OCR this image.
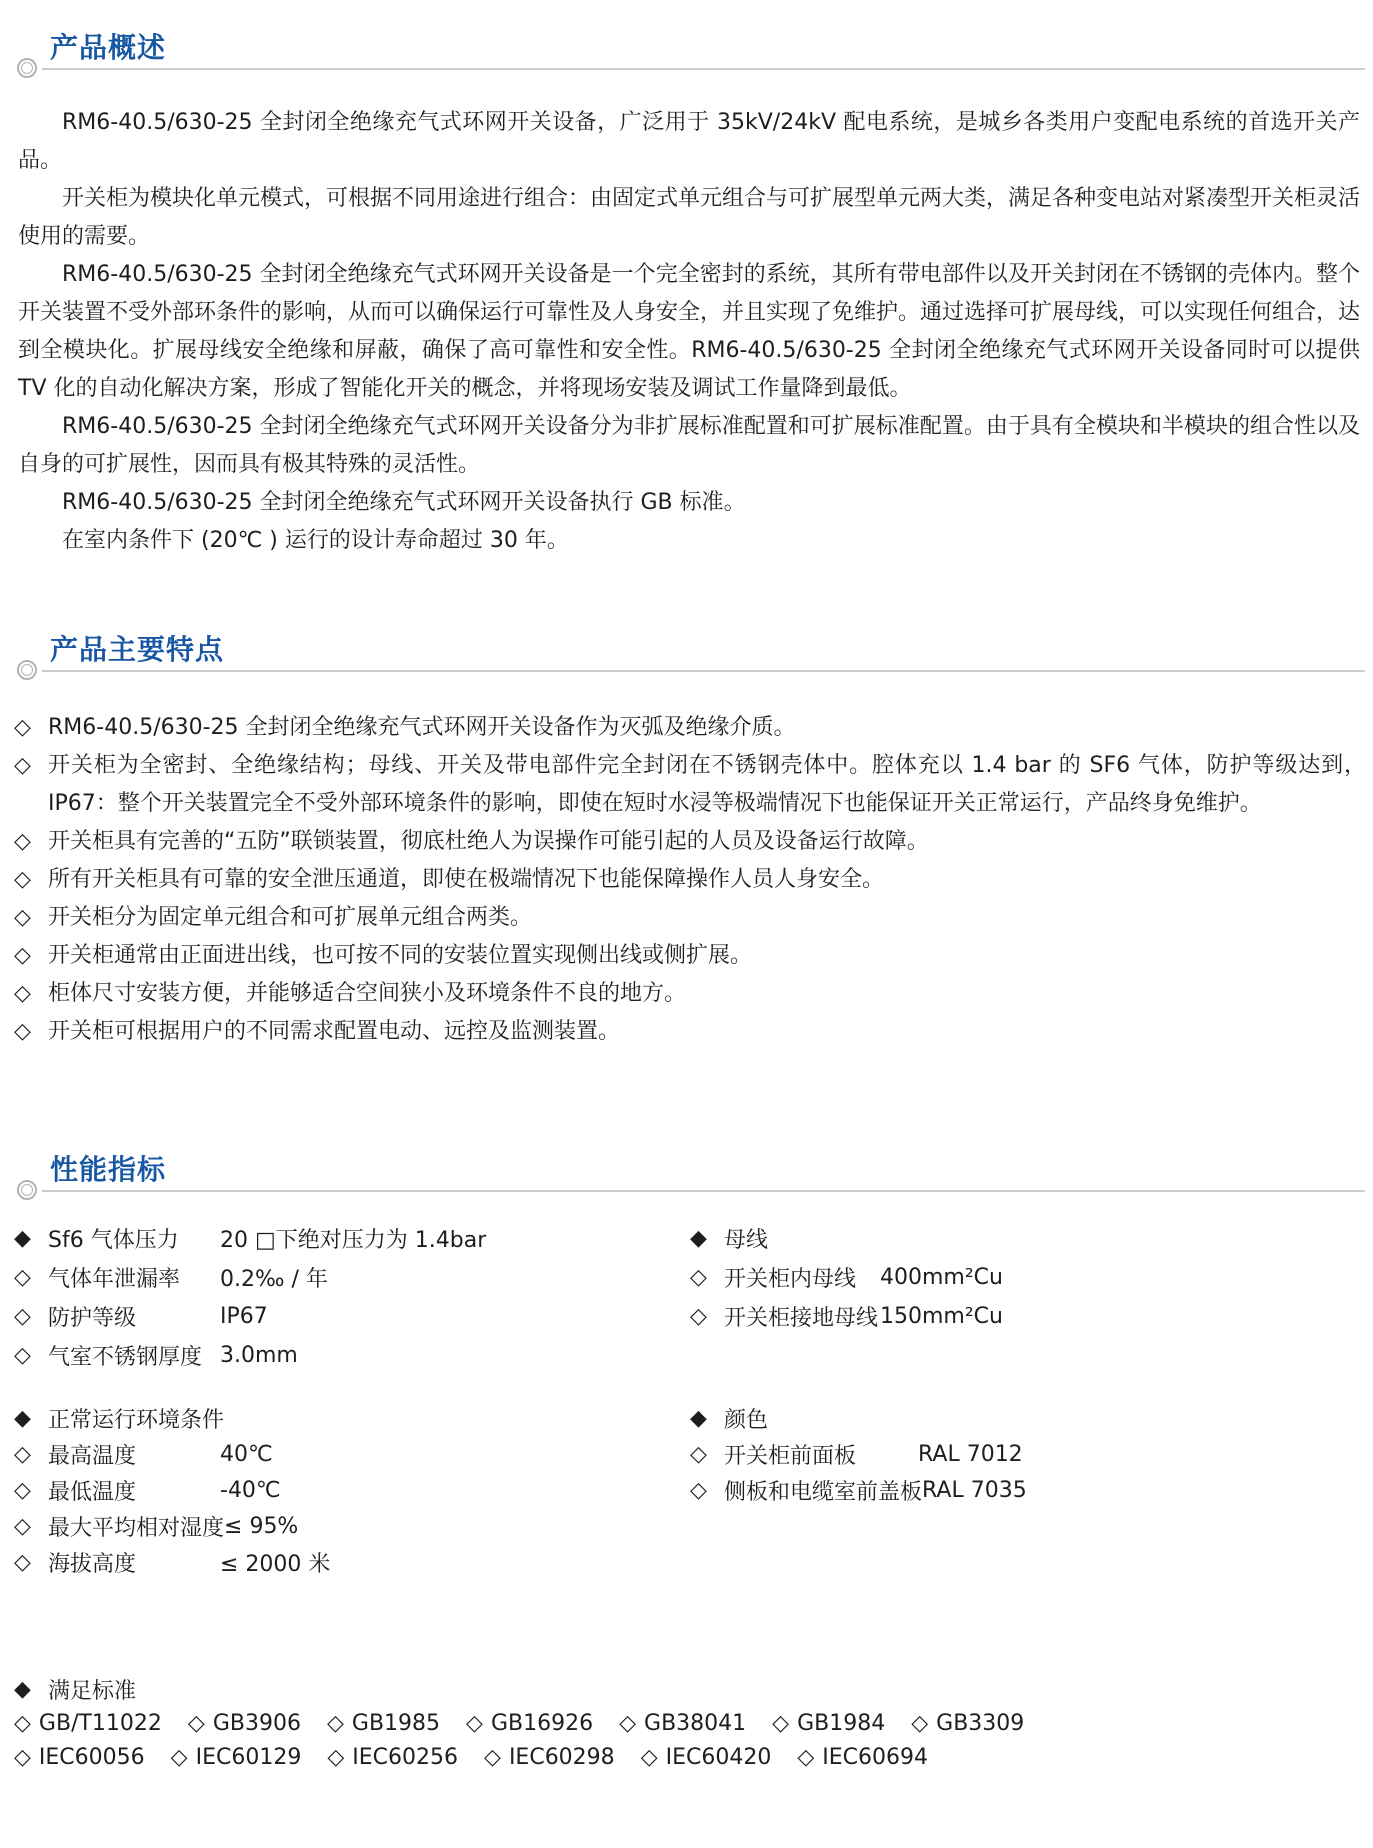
产品概述

RM6-40.5/630-25 全封闭全绝缘充气式环网开关设备，广泛用于 35kV/24kV 配电系统，是城乡各类用户变配电系统的首选开关产品。

开关柜为模块化单元模式，可根据不同用途进行组合：由固定式单元组合与可扩展型单元两大类，满足各种变电站对紧凑型开关柜灵活使用的需要。

RM6-40.5/630-25 全封闭全绝缘充气式环网开关设备是一个完全密封的系统，其所有带电部件以及开关封闭在不锈钢的壳体内。整个开关装置不受外部环条件的影响，从而可以确保运行可靠性及人身安全，并且实现了免维护。通过选择可扩展母线，可以实现任何组合，达到全模块化。扩展母线安全绝缘和屏蔽，确保了高可靠性和安全性。RM6-40.5/630-25 全封闭全绝缘充气式环网开关设备同时可以提供 TV 化的自动化解决方案，形成了智能化开关的概念，并将现场安装及调试工作量降到最低。

RM6-40.5/630-25 全封闭全绝缘充气式环网开关设备分为非扩展标准配置和可扩展标准配置。由于具有全模块和半模块的组合性以及自身的可扩展性，因而具有极其特殊的灵活性。

RM6-40.5/630-25 全封闭全绝缘充气式环网开关设备执行 GB 标准。

在室内条件下 (20℃ ) 运行的设计寿命超过 30 年。

产品主要特点
◇ RM6-40.5/630-25 全封闭全绝缘充气式环网开关设备作为灭弧及绝缘介质。
◇ 开关柜为全密封、全绝缘结构；母线、开关及带电部件完全封闭在不锈钢壳体中。腔体充以 1.4 bar 的 SF6 气体，防护等级达到，IP67：整个开关装置完全不受外部环境条件的影响，即使在短时水浸等极端情况下也能保证开关正常运行，产品终身免维护。
◇ 开关柜具有完善的“五防”联锁装置，彻底杜绝人为误操作可能引起的人员及设备运行故障。
◇ 所有开关柜具有可靠的安全泄压通道，即使在极端情况下也能保障操作人员人身安全。
◇ 开关柜分为固定单元组合和可扩展单元组合两类。
◇ 开关柜通常由正面进出线，也可按不同的安装位置实现侧出线或侧扩展。
◇ 柜体尺寸安装方便，并能够适合空间狭小及环境条件不良的地方。
◇ 开关柜可根据用户的不同需求配置电动、远控及监测装置。
性能指标
◆ Sf6 气体压力	20 □下绝对压力为 1.4bar
◇ 气体年泄漏率	0.2‰ / 年
◇ 防护等级	IP67
◇ 气室不锈钢厚度 3.0mm
◆ 母线
◇ 开关柜内母线	400mm²Cu
◇ 开关柜接地母线 150mm²Cu
◆ 正常运行环境条件
◇ 最高温度	40℃
◇ 最低温度	-40℃
◇ 最大平均相对湿度 ≤ 95%
◇ 海拔高度	≤ 2000 米
◆ 颜色
◇ 开关柜前面板	RAL 7012
◇ 侧板和电缆室前盖板 RAL 7035
◆ 满足标准
◇ GB/T11022 ◇ GB3906 ◇ GB1985 ◇ GB16926 ◇ GB38041 ◇ GB1984 ◇ GB3309
◇ IEC60056 ◇ IEC60129 ◇ IEC60256 ◇ IEC60298 ◇ IEC60420 ◇ IEC60694
